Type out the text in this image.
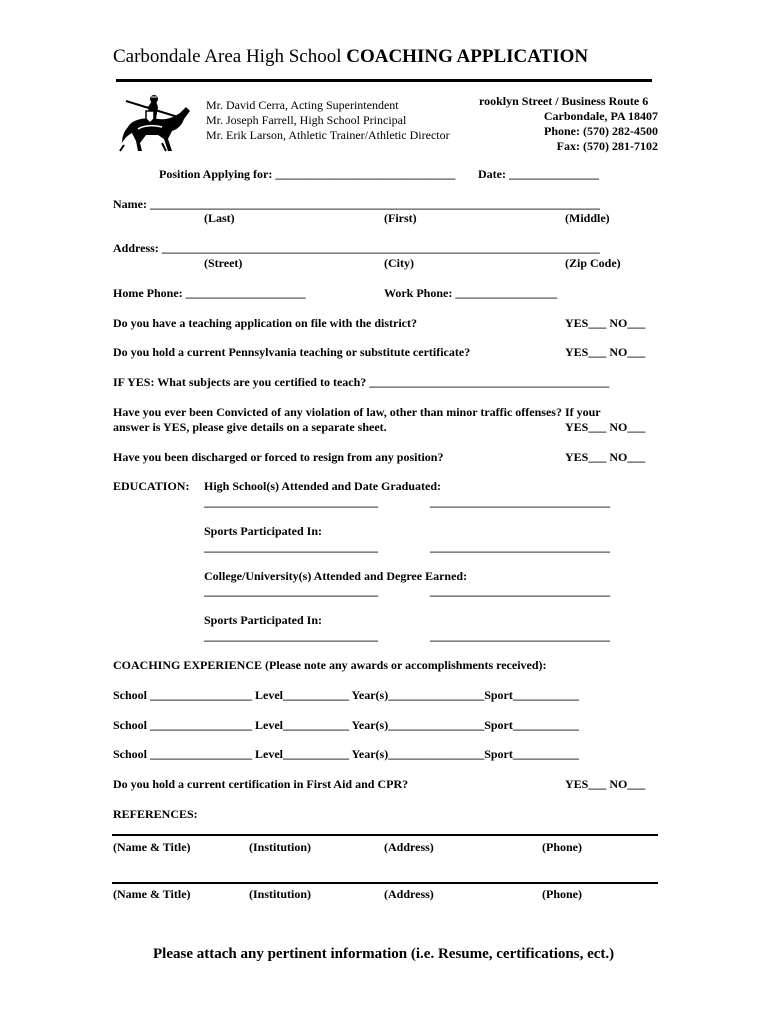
Carbondale Area High School COACHING APPLICATION
Mr. David Cerra, Acting Superintendent
Mr. Joseph Farrell, High School Principal
Mr. Erik Larson, Athletic Trainer/Athletic Director
rooklyn Street / Business Route 6
Carbondale, PA 18407
Phone: (570) 282-4500
Fax: (570) 281-7102
Position Applying for: ______________________________ Date: _______________
Name: ___________________________________________________________________________
(Last)	(First)	(Middle)
Address: _________________________________________________________________________
(Street)	(City)	(Zip Code)
Home Phone: ____________________	Work Phone: _________________
Do you have a teaching application on file with the district?	YES___ NO___
Do you hold a current Pennsylvania teaching or substitute certificate?	YES___ NO___
IF YES: What subjects are you certified to teach? ________________________________________
Have you ever been Convicted of any violation of law, other than minor traffic offenses? If your
answer is YES, please give details on a separate sheet.	YES___ NO___
Have you been discharged or forced to resign from any position?	YES___ NO___
EDUCATION: High School(s) Attended and Date Graduated:
_____________________________	______________________________
Sports Participated In:
_____________________________	______________________________
College/University(s) Attended and Degree Earned:
_____________________________	______________________________
Sports Participated In:
_____________________________	______________________________
COACHING EXPERIENCE (Please note any awards or accomplishments received):
School _________________ Level___________ Year(s)________________Sport___________
School _________________ Level___________ Year(s)________________Sport___________
School _________________ Level___________ Year(s)________________Sport___________
Do you hold a current certification in First Aid and CPR?	YES___ NO___
REFERENCES:
(Name & Title)	(Institution)	(Address)	(Phone)
(Name & Title)	(Institution)	(Address)	(Phone)
Please attach any pertinent information (i.e. Resume, certifications, ect.)
